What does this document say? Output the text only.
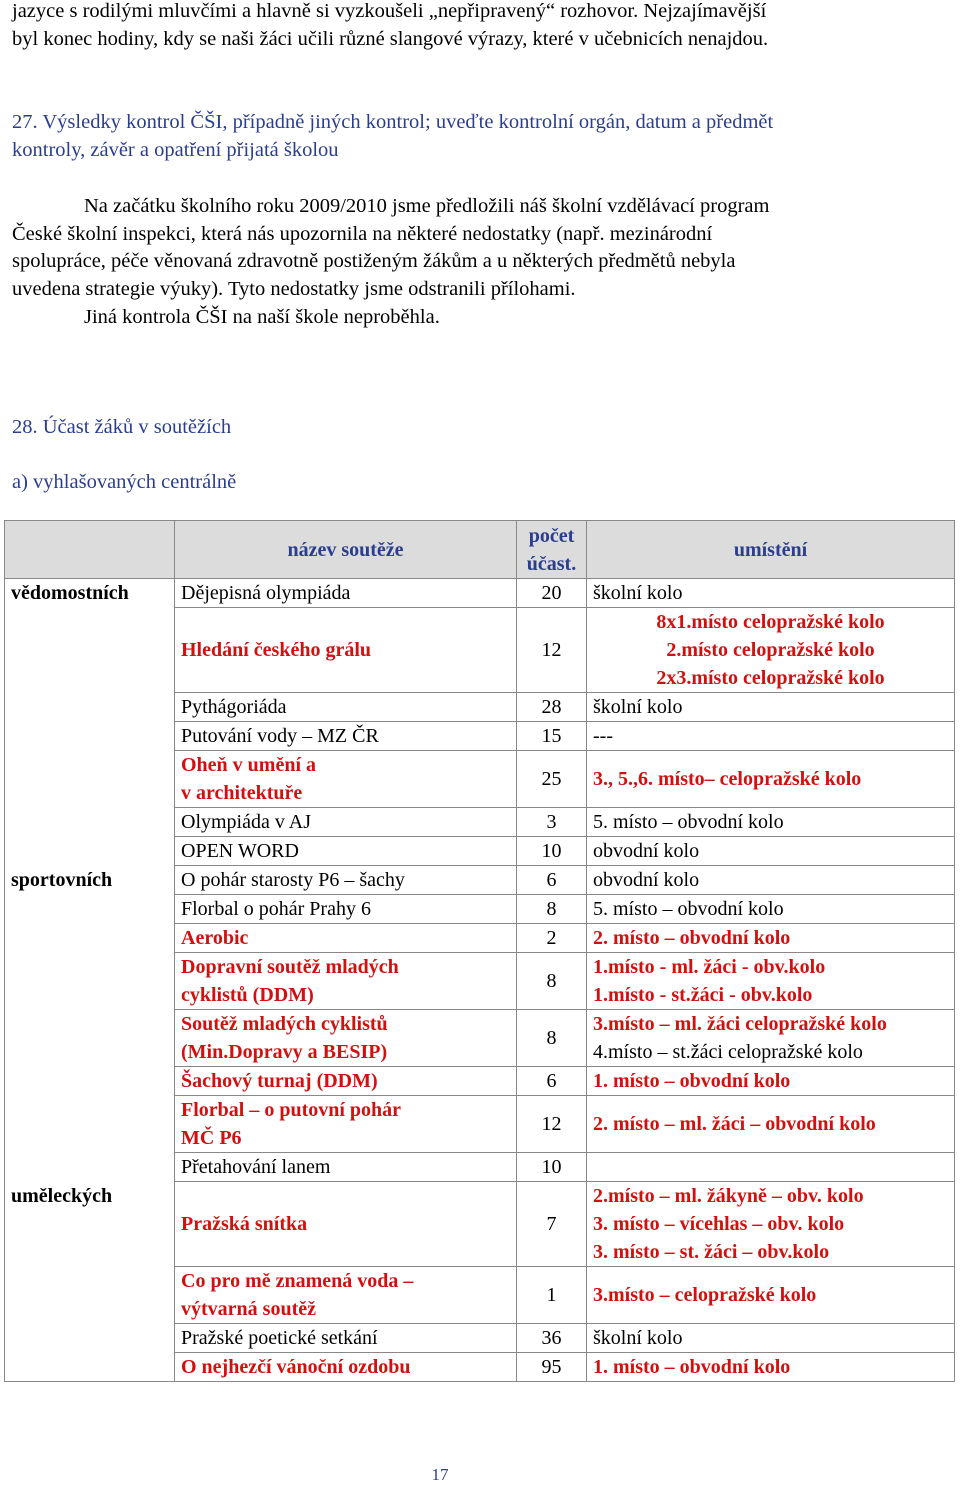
jazyce s rodilými mluvčími a hlavně si vyzkoušeli „nepřipravený“ rozhovor. Nejzajímavější

byl konec hodiny, kdy se naši žáci učili různé slangové výrazy, které v učebnicích nenajdou.

27. Výsledky kontrol ČŠI, případně jiných kontrol; uveďte kontrolní orgán, datum a předmět

kontroly, závěr a opatření přijatá školou

Na začátku školního roku 2009/2010 jsme předložili náš školní vzdělávací program

České školní inspekci, která nás upozornila na některé nedostatky (např. mezinárodní

spolupráce, péče věnovaná zdravotně postiženým žákům a u některých předmětů nebyla

uvedena strategie výuky). Tyto nedostatky jsme odstranili přílohami.

Jiná kontrola ČŠI na naší škole neproběhla.

28. Účast žáků v soutěžích

a) vyhlašovaných centrálně

	název soutěže	počet
účast.	umístění
vědomostních	Dějepisná olympiáda	20	školní kolo

	Hledání českého grálu	12	8x1.místo celopražské kolo
2.místo celopražské kolo
2x3.místo celopražské kolo

	Pythágoriáda	28	školní kolo

	Putování vody – MZ ČR	15	---

	Oheň v umění a
v architektuře	25	3., 5.,6. místo– celopražské kolo

	Olympiáda v AJ	3	5. místo – obvodní kolo

	OPEN WORD	10	obvodní kolo

sportovních	O pohár starosty P6 – šachy	6	obvodní kolo

	Florbal o pohár Prahy 6	8	5. místo – obvodní kolo

	Aerobic	2	2. místo – obvodní kolo

	Dopravní soutěž mladých
cyklistů (DDM)	8	1.místo - ml. žáci - obv.kolo
1.místo - st.žáci - obv.kolo

	Soutěž mladých cyklistů
(Min.Dopravy a BESIP)	8	3.místo – ml. žáci celopražské kolo
4.místo – st.žáci celopražské kolo

	Šachový turnaj (DDM)	6	1. místo – obvodní kolo

	Florbal – o putovní pohár
MČ P6	12	2. místo – ml. žáci – obvodní kolo

	Přetahování lanem	10	

uměleckých	Pražská snítka	7	2.místo – ml. žákyně – obv. kolo
3. místo – vícehlas – obv. kolo
3. místo – st. žáci – obv.kolo

	Co pro mě znamená voda –
výtvarná soutěž	1	3.místo – celopražské kolo

	Pražské poetické setkání	36	školní kolo

	O nejhezčí vánoční ozdobu	95	1. místo – obvodní kolo
17
